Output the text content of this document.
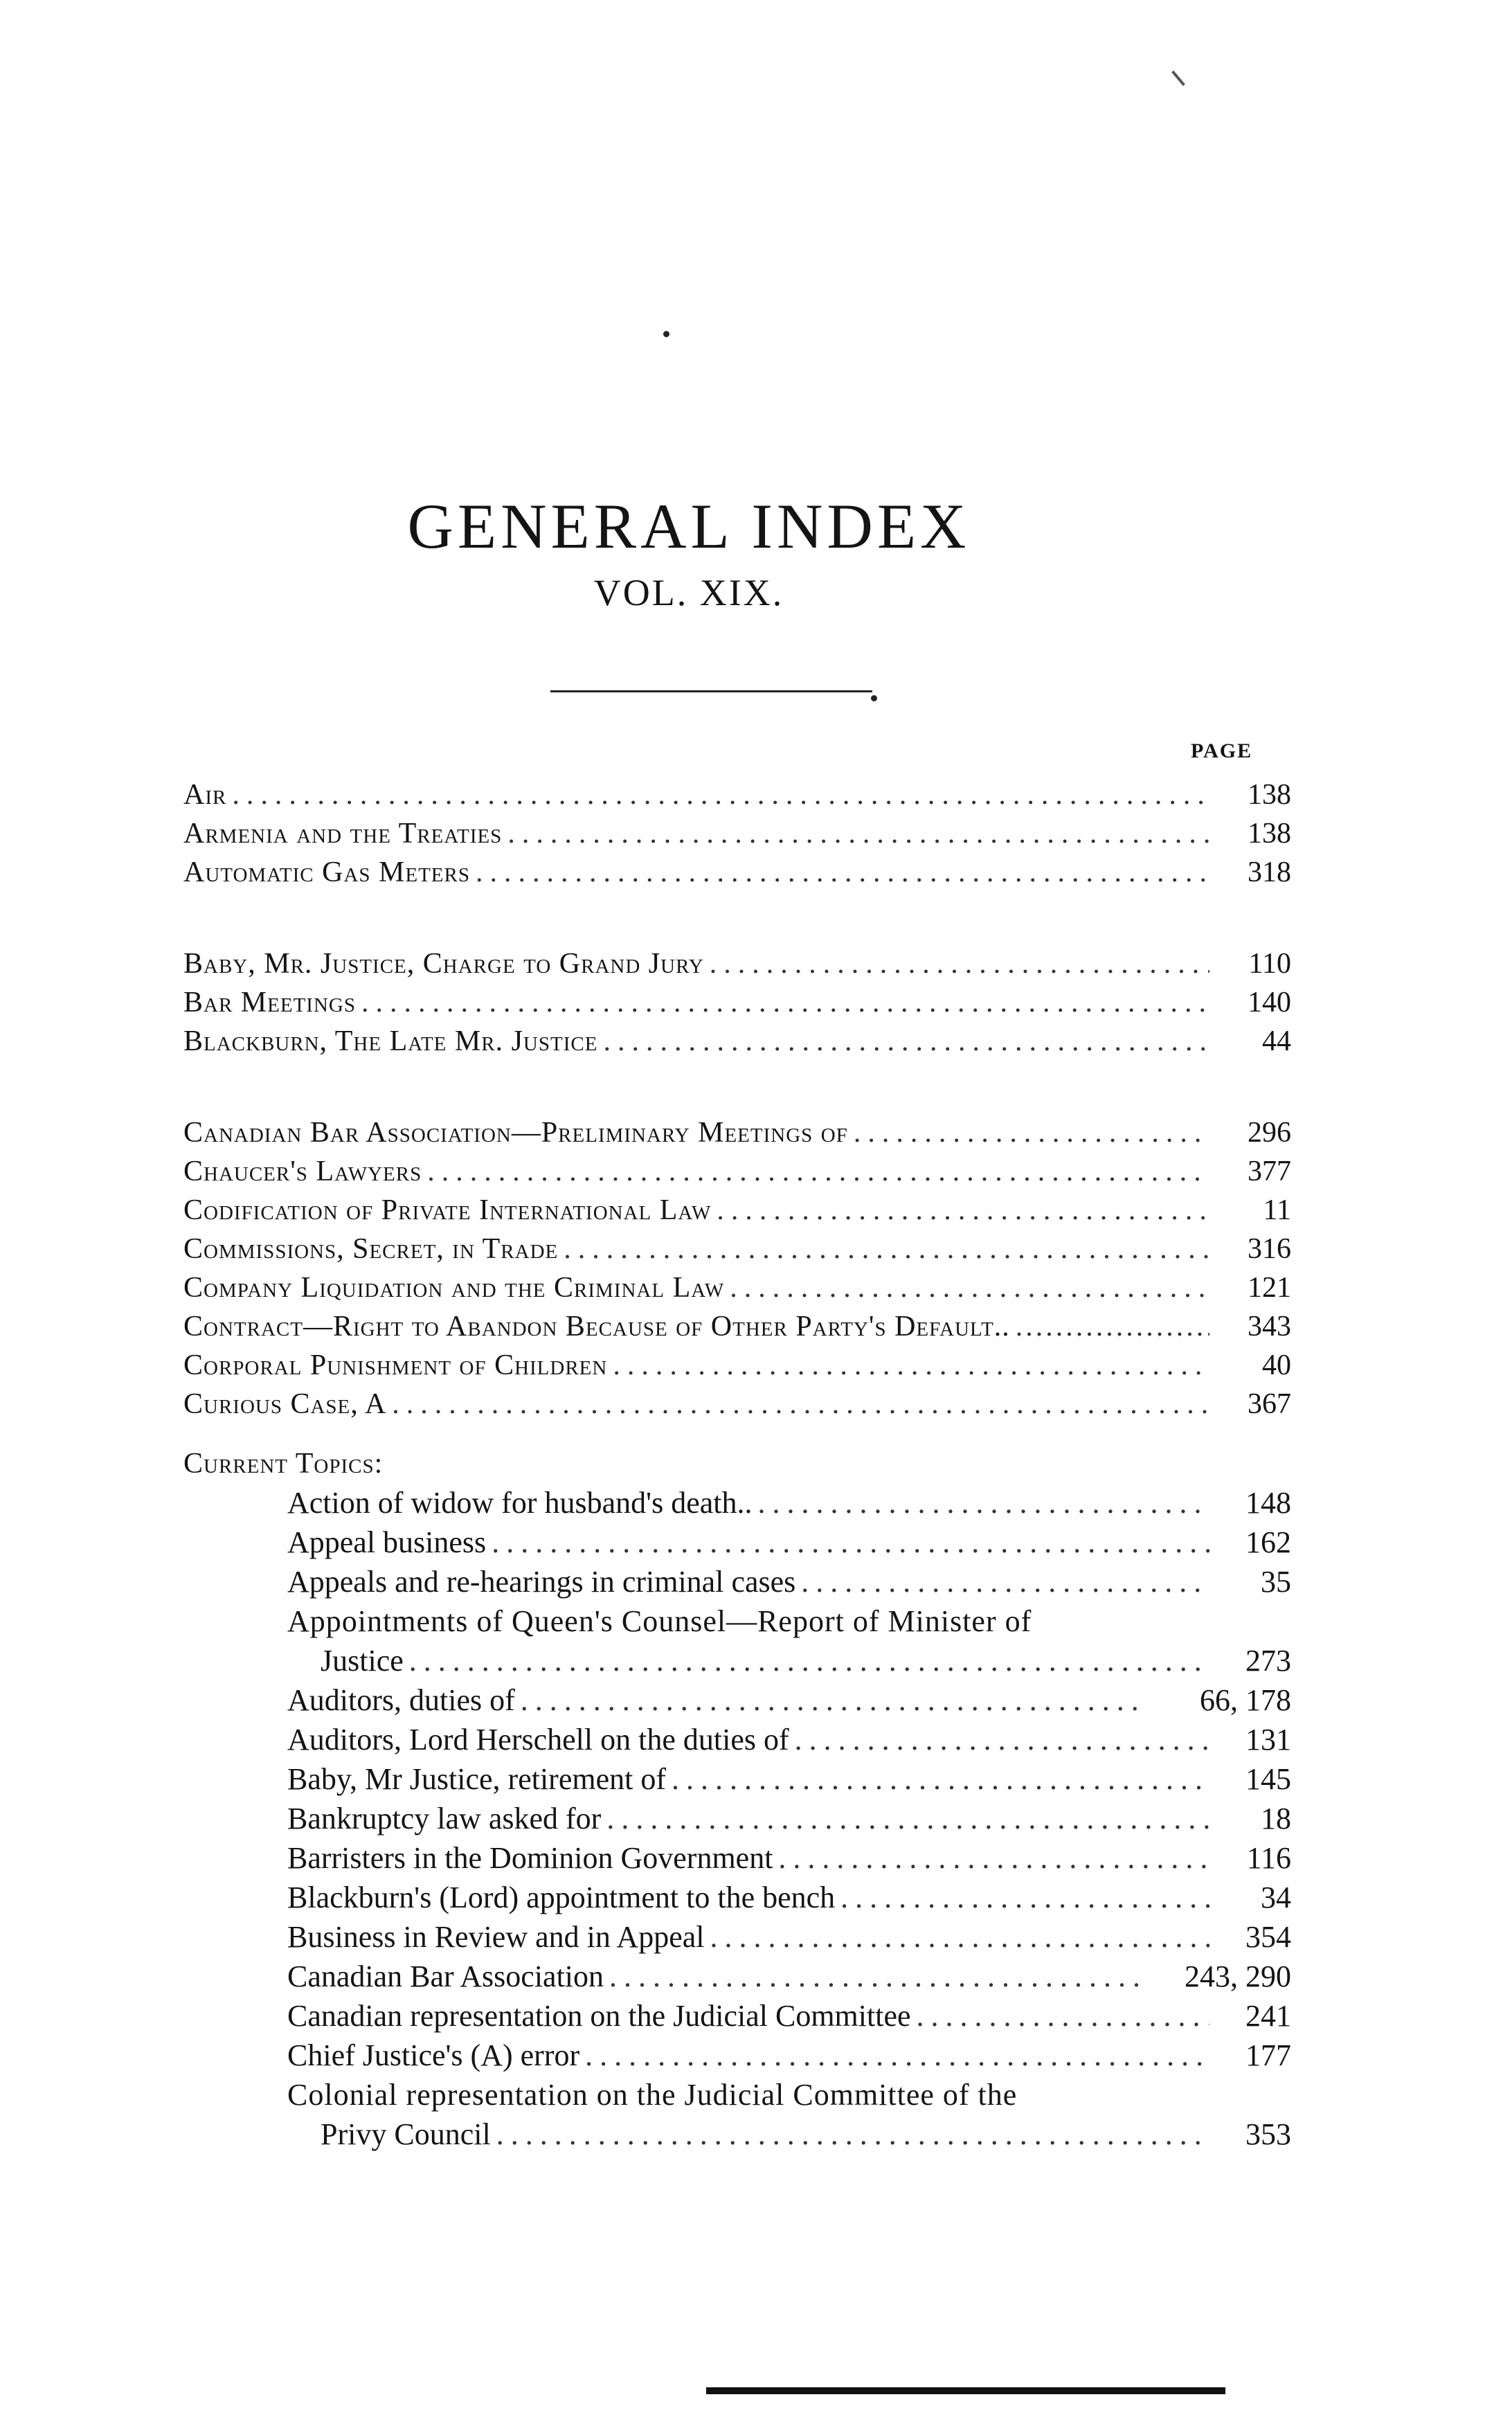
GENERAL INDEX
VOL. XIX.
PAGE
Air .....	138
Armenia and the Treaties .....	138
Automatic Gas Meters .....	318
Baby, Mr. Justice, Charge to Grand Jury .....	110
Bar Meetings .....	140
Blackburn, The Late Mr. Justice .....	44
Canadian Bar Association—Preliminary Meetings of .....	296
Chaucer's Lawyers .....	377
Codification of Private International Law .....	11
Commissions, Secret, in Trade .....	316
Company Liquidation and the Criminal Law .....	121
Contract—Right to Abandon Because of Other Party's Default.. .....	343
Corporal Punishment of Children .....	40
Curious Case, A .....	367
Current Topics:
Action of widow for husband's death.. .....	148
Appeal business .....	162
Appeals and re-hearings in criminal cases .....	35
Appointments of Queen's Counsel—Report of Minister of
Justice .....	273
Auditors, duties of .....	66, 178
Auditors, Lord Herschell on the duties of .....	131
Baby, Mr Justice, retirement of .....	145
Bankruptcy law asked for .....	18
Barristers in the Dominion Government .....	116
Blackburn's (Lord) appointment to the bench .....	34
Business in Review and in Appeal .....	354
Canadian Bar Association .....	243, 290
Canadian representation on the Judicial Committee .....	241
Chief Justice's (A) error .....	177
Colonial representation on the Judicial Committee of the
Privy Council .....	353
